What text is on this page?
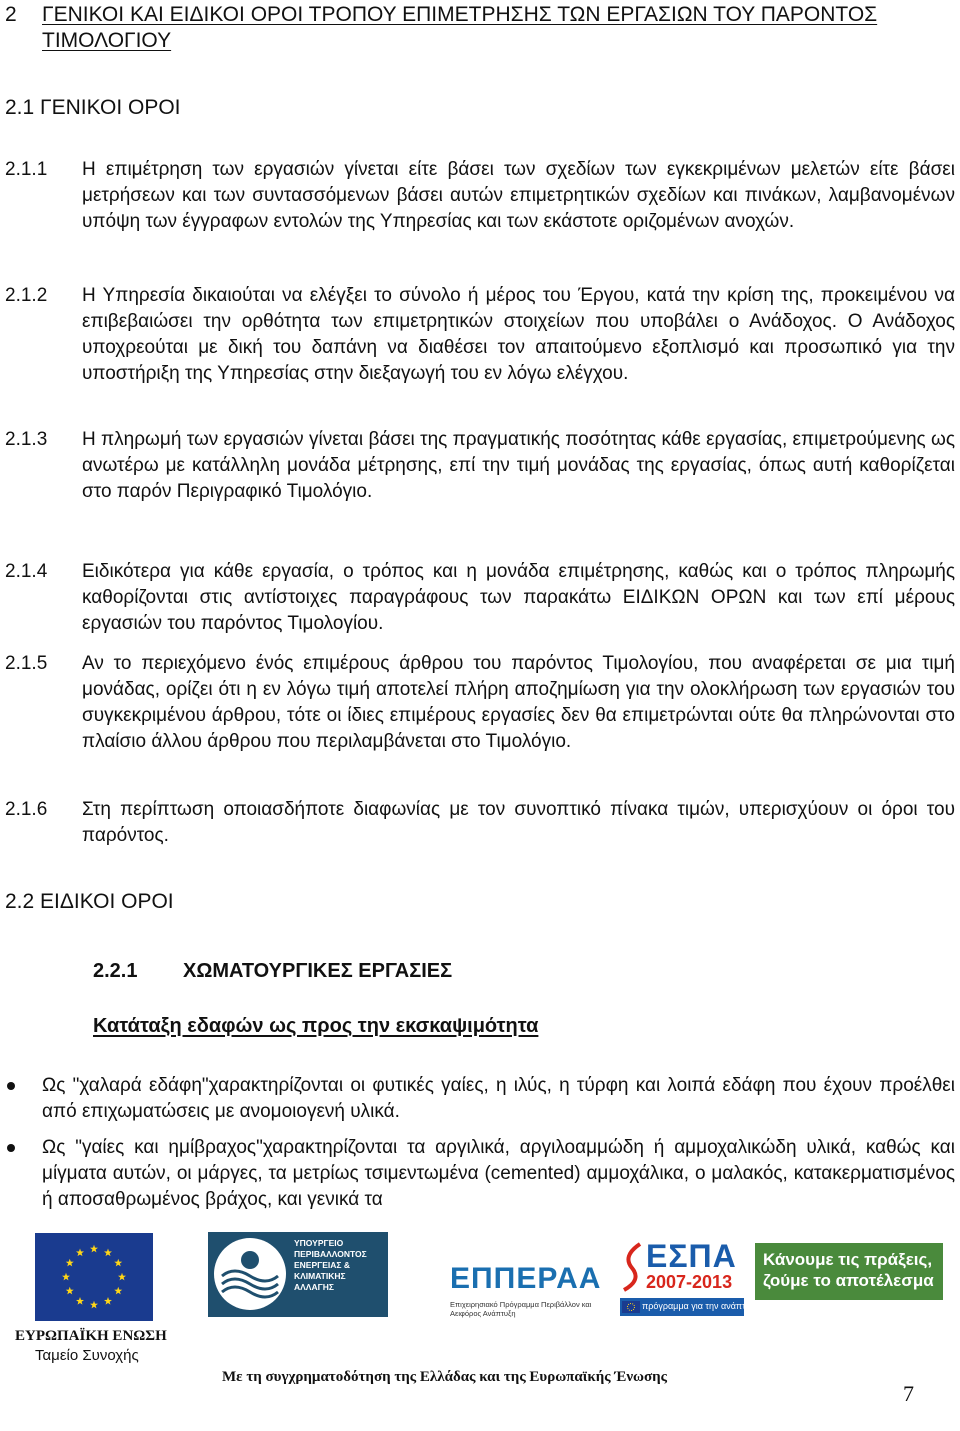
2	ΓΕΝΙΚΟΙ ΚΑΙ ΕΙΔΙΚΟΙ ΟΡΟΙ ΤΡΟΠΟΥ ΕΠΙΜΕΤΡΗΣΗΣ ΤΩΝ ΕΡΓΑΣΙΩΝ ΤΟΥ ΠΑΡΟΝΤΟΣ ΤΙΜΟΛΟΓΙΟΥ
2.1 ΓΕΝΙΚΟΙ ΟΡΟΙ
2.1.1	Η επιμέτρηση των εργασιών γίνεται είτε βάσει των σχεδίων των εγκεκριμένων μελετών είτε βάσει μετρήσεων και των συντασσόμενων βάσει αυτών επιμετρητικών σχεδίων και πινάκων, λαμβανομένων υπόψη των έγγραφων εντολών της Υπηρεσίας και των εκάστοτε οριζομένων ανοχών.
2.1.2	Η Υπηρεσία δικαιούται να ελέγξει το σύνολο ή μέρος του Έργου, κατά την κρίση της, προκειμένου να επιβεβαιώσει την ορθότητα των επιμετρητικών στοιχείων που υποβάλει ο Ανάδοχος. Ο Ανάδοχος υποχρεούται με δική του δαπάνη να διαθέσει τον απαιτούμενο εξοπλισμό και προσωπικό για την υποστήριξη της Υπηρεσίας στην διεξαγωγή του εν λόγω ελέγχου.
2.1.3	Η πληρωμή των εργασιών γίνεται βάσει της πραγματικής ποσότητας κάθε εργασίας, επιμετρούμενης ως ανωτέρω με κατάλληλη μονάδα μέτρησης, επί την τιμή μονάδας της εργασίας, όπως αυτή καθορίζεται στο παρόν Περιγραφικό Τιμολόγιο.
2.1.4	Ειδικότερα για κάθε εργασία, ο τρόπος και η μονάδα επιμέτρησης, καθώς και ο τρόπος πληρωμής καθορίζονται στις αντίστοιχες παραγράφους των παρακάτω ΕΙΔΙΚΩΝ ΟΡΩΝ και των επί μέρους εργασιών του παρόντος Τιμολογίου.
2.1.5	Αν το περιεχόμενο ένός επιμέρους άρθρου του παρόντος Τιμολογίου, που αναφέρεται σε μια τιμή μονάδας, ορίζει ότι η εν λόγω τιμή αποτελεί πλήρη αποζημίωση για την ολοκλήρωση των εργασιών του συγκεκριμένου άρθρου, τότε οι ίδιες επιμέρους εργασίες δεν θα επιμετρώνται ούτε θα πληρώνονται στο πλαίσιο άλλου άρθρου που περιλαμβάνεται στο Τιμολόγιο.
2.1.6	Στη περίπτωση οποιασδήποτε διαφωνίας με τον συνοπτικό πίνακα τιμών, υπερισχύουν οι όροι του παρόντος.
2.2 ΕΙΔΙΚΟΙ ΟΡΟΙ
2.2.1	ΧΩΜΑΤΟΥΡΓΙΚΕΣ ΕΡΓΑΣΙΕΣ
Κατάταξη εδαφών ως προς την εκσκαψιμότητα
Ως "χαλαρά εδάφη"χαρακτηρίζονται οι φυτικές γαίες, η ιλύς, η τύρφη και λοιπά εδάφη που έχουν προέλθει από επιχωματώσεις με ανομοιογενή υλικά.
Ως "γαίες και ημίβραχος"χαρακτηρίζονται τα αργιλικά, αργιλοαμμώδη ή αμμοχαλικώδη υλικά, καθώς και μίγματα αυτών, οι μάργες, τα μετρίως τσιμεντωμένα (cemented) αμμοχάλικα, ο μαλακός, κατακερματισμένος ή αποσαθρωμένος βράχος, και γενικά τα
ΕΥΡΩΠΑΪΚΗ ΕΝΩΣΗ
Ταμείο Συνοχής
ΥΠΟΥΡΓΕΙΟ
ΠΕΡΙΒΑΛΛΟΝΤΟΣ
ΕΝΕΡΓΕΙΑΣ &
ΚΛΙΜΑΤΙΚΗΣ
ΑΛΛΑΓΗΣ	ΕΠΠΕΡΑΑ
Επιχειρησιακό Πρόγραμμα Περιβάλλον και Αειφόρος Ανάπτυξη
ΕΣΠΑ
2007-2013
πρόγραμμα για την ανάπτυξη
Κάνουμε τις πράξεις, ζούμε το αποτέλεσμα
Με τη συγχρηματοδότηση της Ελλάδας και της Ευρωπαϊκής Ένωσης
7
